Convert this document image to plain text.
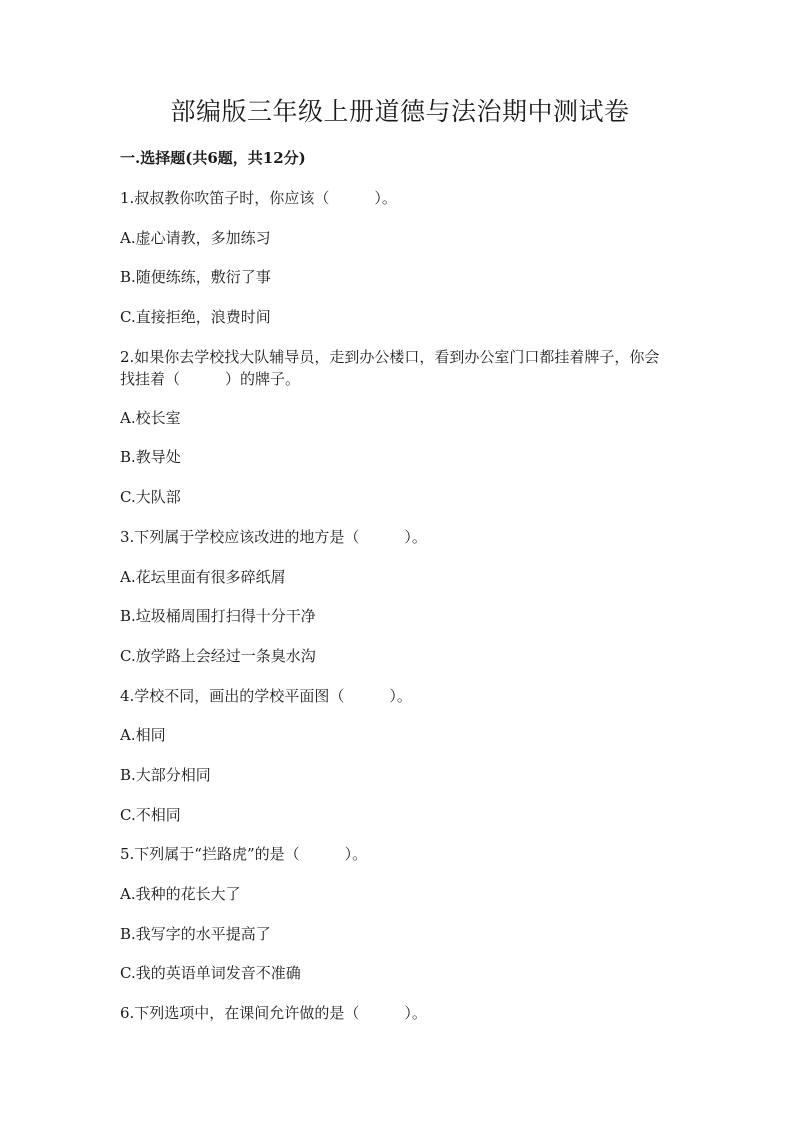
部编版三年级上册道德与法治期中测试卷
一.选择题(共6题，共12分)
1.叔叔教你吹笛子时，你应该（　　　）。
A.虚心请教，多加练习
B.随便练练，敷衍了事
C.直接拒绝，浪费时间
2.如果你去学校找大队辅导员，走到办公楼口，看到办公室门口都挂着牌子，你会找挂着（　　　）的牌子。
A.校长室
B.教导处
C.大队部
3.下列属于学校应该改进的地方是（　　　）。
A.花坛里面有很多碎纸屑
B.垃圾桶周围打扫得十分干净
C.放学路上会经过一条臭水沟
4.学校不同，画出的学校平面图（　　　）。
A.相同
B.大部分相同
C.不相同
5.下列属于“拦路虎”的是（　　　）。
A.我种的花长大了
B.我写字的水平提高了
C.我的英语单词发音不准确
6.下列选项中，在课间允许做的是（　　　）。
